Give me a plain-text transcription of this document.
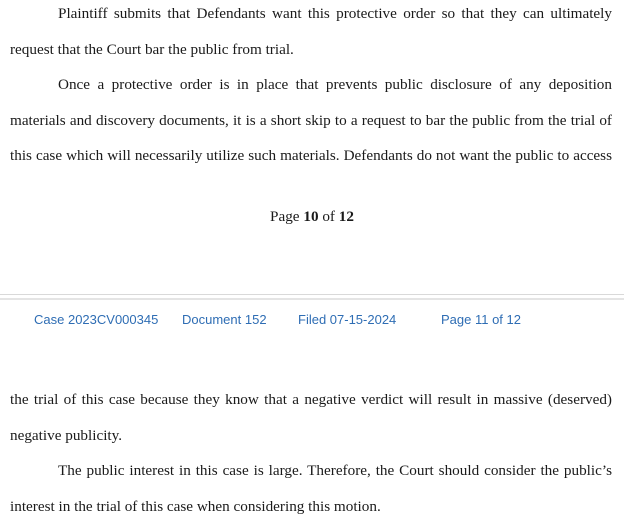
Plaintiff submits that Defendants want this protective order so that they can ultimately
request that the Court bar the public from trial.
Once a protective order is in place that prevents public disclosure of any deposition
materials and discovery documents, it is a short skip to a request to bar the public from the trial of
this case which will necessarily utilize such materials. Defendants do not want the public to access
Page 10 of 12
Case 2023CV000345 Document 152 Filed 07-15-2024	Page 11 of 12
the trial of this case because they know that a negative verdict will result in massive (deserved)
negative publicity.
The public interest in this case is large. Therefore, the Court should consider the public’s
interest in the trial of this case when considering this motion.
